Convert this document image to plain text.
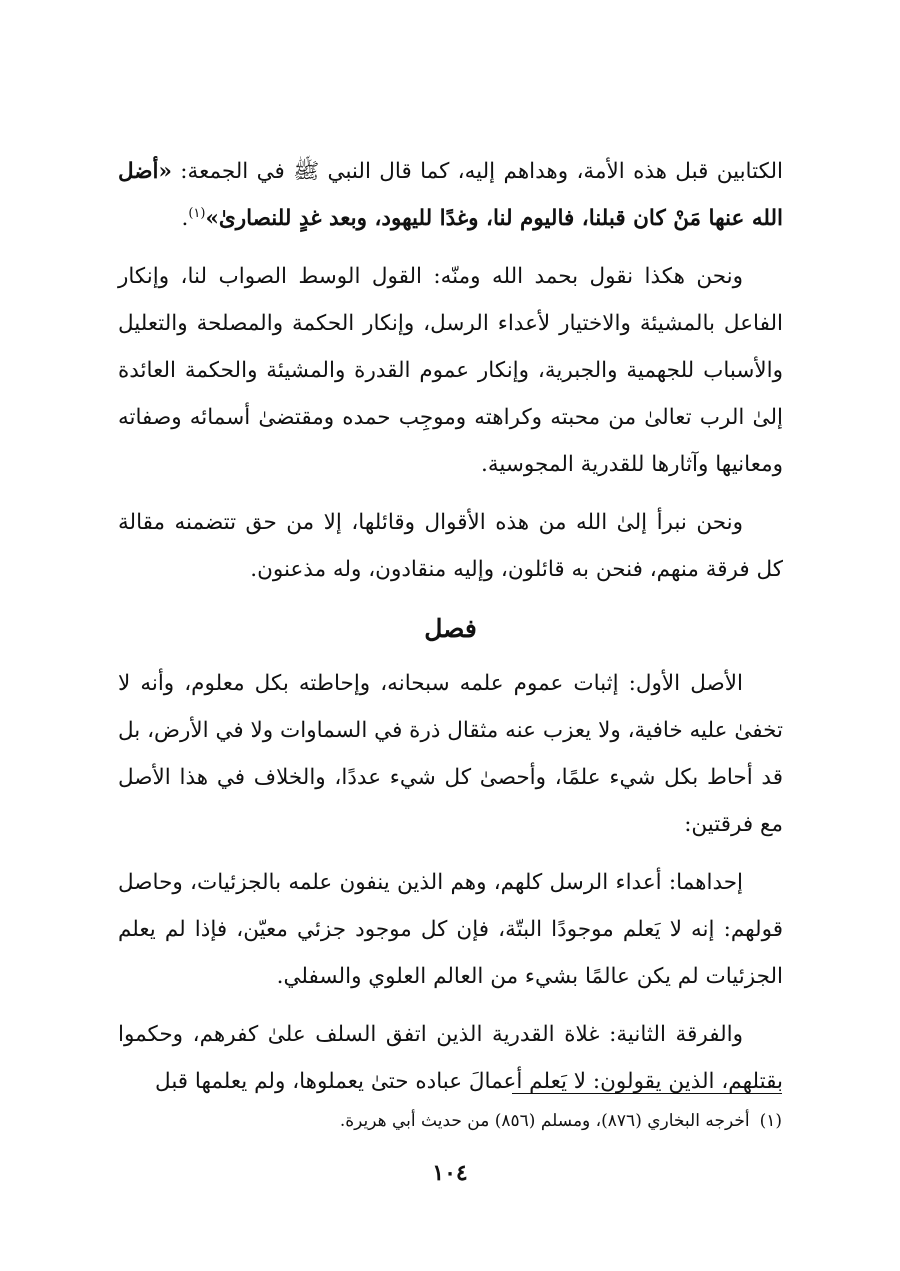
الكتابين قبل هذه الأمة، وهداهم إليه، كما قال النبي ﷺ في الجمعة: «أضل الله عنها مَنْ كان قبلنا، فاليوم لنا، وغدًا لليهود، وبعد غدٍ للنصارىٰ»$^{(١)}$.

ونحن هكذا نقول بحمد الله ومنّه: القول الوسط الصواب لنا، وإنكار الفاعل بالمشيئة والاختيار لأعداء الرسل، وإنكار الحكمة والمصلحة والتعليل والأسباب للجهمية والجبرية، وإنكار عموم القدرة والمشيئة والحكمة العائدة إلىٰ الرب تعالىٰ من محبته وكراهته وموجِب حمده ومقتضىٰ أسمائه وصفاته ومعانيها وآثارها للقدرية المجوسية.

ونحن نبرأ إلىٰ الله من هذه الأقوال وقائلها، إلا من حق تتضمنه مقالة كل فرقة منهم، فنحن به قائلون، وإليه منقادون، وله مذعنون.

فصل

الأصل الأول: إثبات عموم علمه سبحانه، وإحاطته بكل معلوم، وأنه لا تخفىٰ عليه خافية، ولا يعزب عنه مثقال ذرة في السماوات ولا في الأرض، بل قد أحاط بكل شيء علمًا، وأحصىٰ كل شيء عددًا، والخلاف في هذا الأصل مع فرقتين:

إحداهما: أعداء الرسل كلهم، وهم الذين ينفون علمه بالجزئيات، وحاصل قولهم: إنه لا يَعلم موجودًا البتّة، فإن كل موجود جزئي معيّن، فإذا لم يعلم الجزئيات لم يكن عالمًا بشيء من العالم العلوي والسفلي.

والفرقة الثانية: غلاة القدرية الذين اتفق السلف علىٰ كفرهم، وحكموا بقتلهم، الذين يقولون: لا يَعلم أعمالَ عباده حتىٰ يعملوها، ولم يعلمها قبل

(١)أخرجه البخاري (٨٧٦)، ومسلم (٨٥٦) من حديث أبي هريرة.
١٠٤
